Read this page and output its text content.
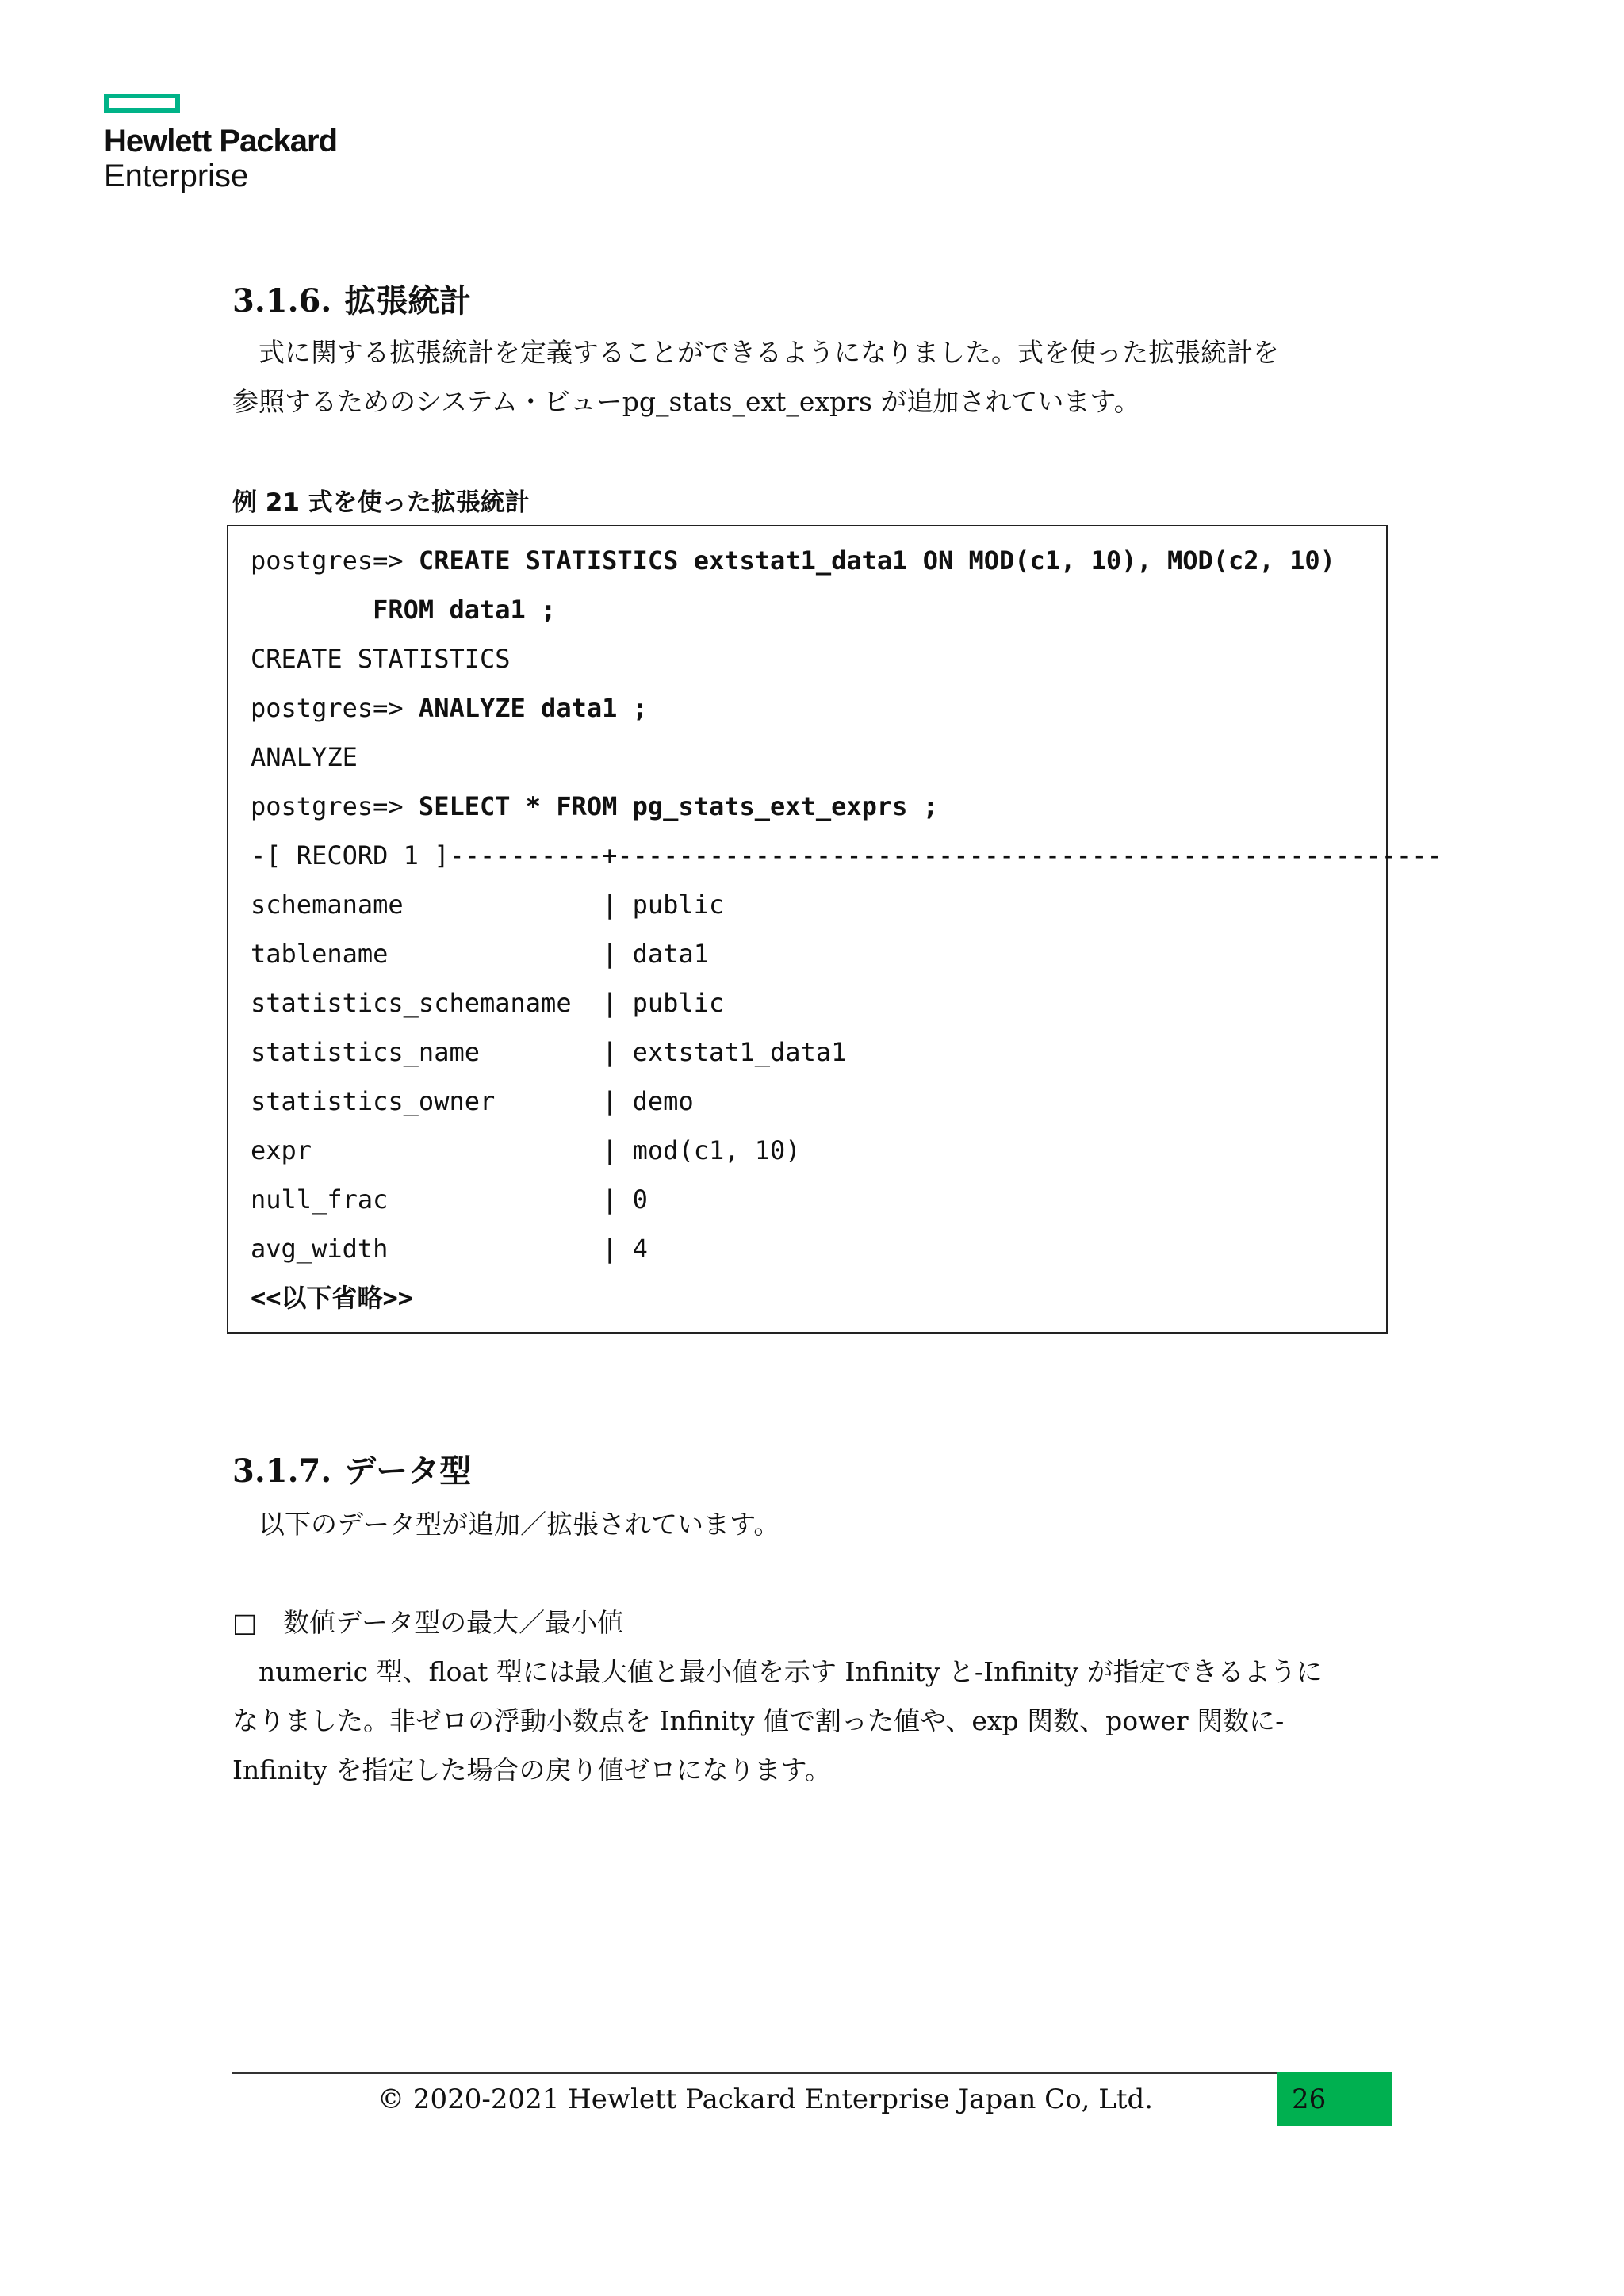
Hewlett Packard
Enterprise
3.1.6. 拡張統計
　式に関する拡張統計を定義することができるようになりました。式を使った拡張統計を
参照するためのシステム・ビューpg_stats_ext_exprs が追加されています。
例 21 式を使った拡張統計
postgres=> CREATE STATISTICS extstat1_data1 ON MOD(c1, 10), MOD(c2, 10)
FROM data1 ;
CREATE STATISTICS
postgres=> ANALYZE data1 ;
ANALYZE
postgres=> SELECT * FROM pg_stats_ext_exprs ;
-[ RECORD 1 ]----------+------------------------------------------------------
schemaname             | public
tablename              | data1
statistics_schemaname  | public
statistics_name        | extstat1_data1
statistics_owner       | demo
expr                   | mod(c1, 10)
null_frac              | 0
avg_width              | 4
<<以下省略>>
3.1.7. データ型
　以下のデータ型が追加／拡張されています。
□　数値データ型の最大／最小値
　numeric 型、float 型には最大値と最小値を示す Infinity と-Infinity が指定できるように
なりました。非ゼロの浮動小数点を Infinity 値で割った値や、exp 関数、power 関数に-
Infinity を指定した場合の戻り値ゼロになります。
© 2020-2021 Hewlett Packard Enterprise Japan Co, Ltd.	26
